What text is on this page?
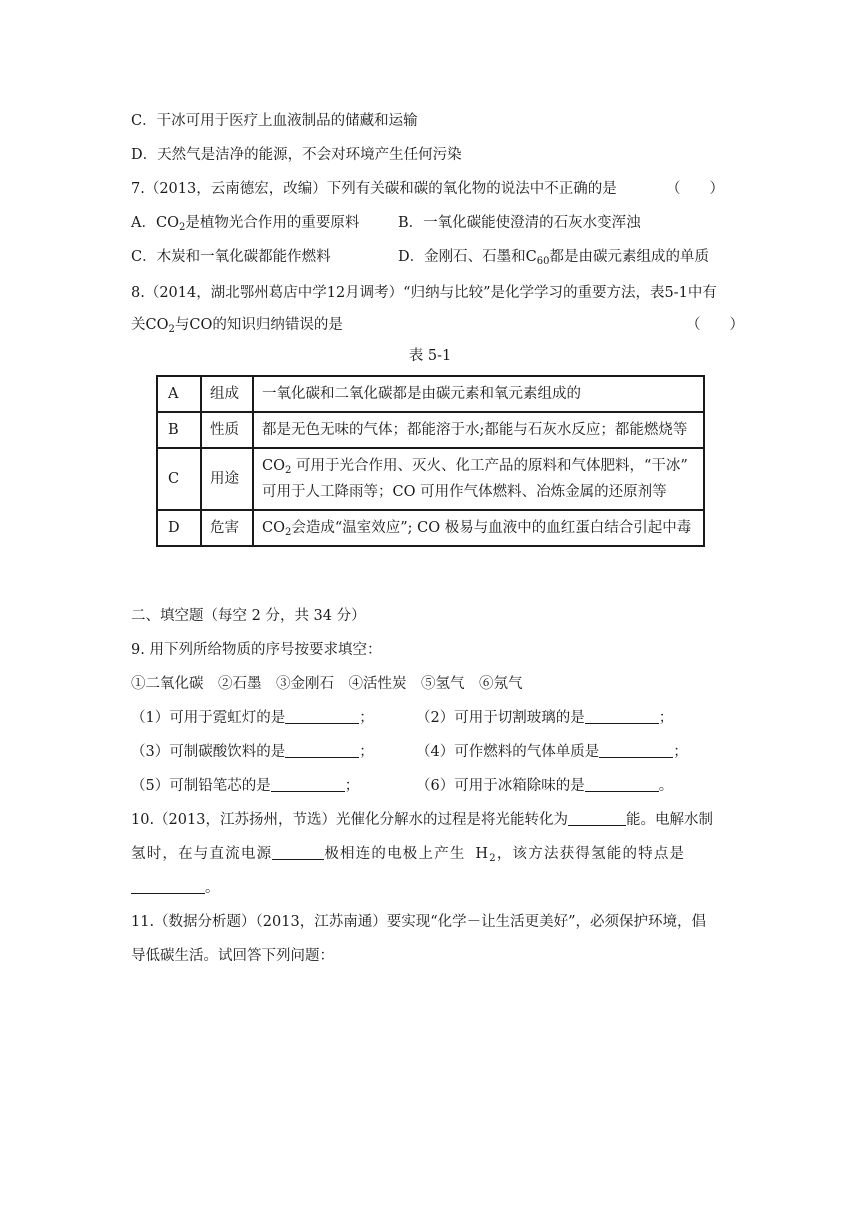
C．干冰可用于医疗上血液制品的储藏和运输
D．天然气是洁净的能源，不会对环境产生任何污染
7.（2013，云南德宏，改编）下列有关碳和碳的氧化物的说法中不正确的是	（　　）
A．$CO_2$是植物光合作用的重要原料	B．一氧化碳能使澄清的石灰水变浑浊
C．木炭和一氧化碳都能作燃料	D．金刚石、石墨和$C_{60}$都是由碳元素组成的单质
8.（2014，湖北鄂州葛店中学12月调考）“归纳与比较”是化学学习的重要方法，表5-1中有
关$CO_2$与CO的知识归纳错误的是	（　　）
表 5-1
A	组成	一氧化碳和二氧化碳都是由碳元素和氧元素组成的
B	性质	都是无色无味的气体；都能溶于水;都能与石灰水反应；都能燃烧等
C	用途	$CO_2$ 可用于光合作用、灭火、化工产品的原料和气体肥料，“干冰”
可用于人工降雨等；CO 可用作气体燃料、冶炼金属的还原剂等
D	危害	$CO_2$会造成“温室效应”; CO 极易与血液中的血红蛋白结合引起中毒
二、填空题（每空 2 分，共 34 分）
9. 用下列所给物质的序号按要求填空：
①二氧化碳　②石墨　③金刚石　④活性炭　⑤氢气　⑥氖气
（1）可用于霓虹灯的是	；	（2）可用于切割玻璃的是	；
（3）可制碳酸饮料的是	；	（4）可作燃料的气体单质是	；
（5）可制铅笔芯的是	；	（6）可用于冰箱除味的是	。
10.（2013，江苏扬州，节选）光催化分解水的过程是将光能转化为	能。电解水制
氢时，在与直流电源	极相连的电极上产生 $H_2$，该方法获得氢能的特点是
。
11.（数据分析题）（2013，江苏南通）要实现“化学－让生活更美好”，必须保护环境，倡
导低碳生活。试回答下列问题：
